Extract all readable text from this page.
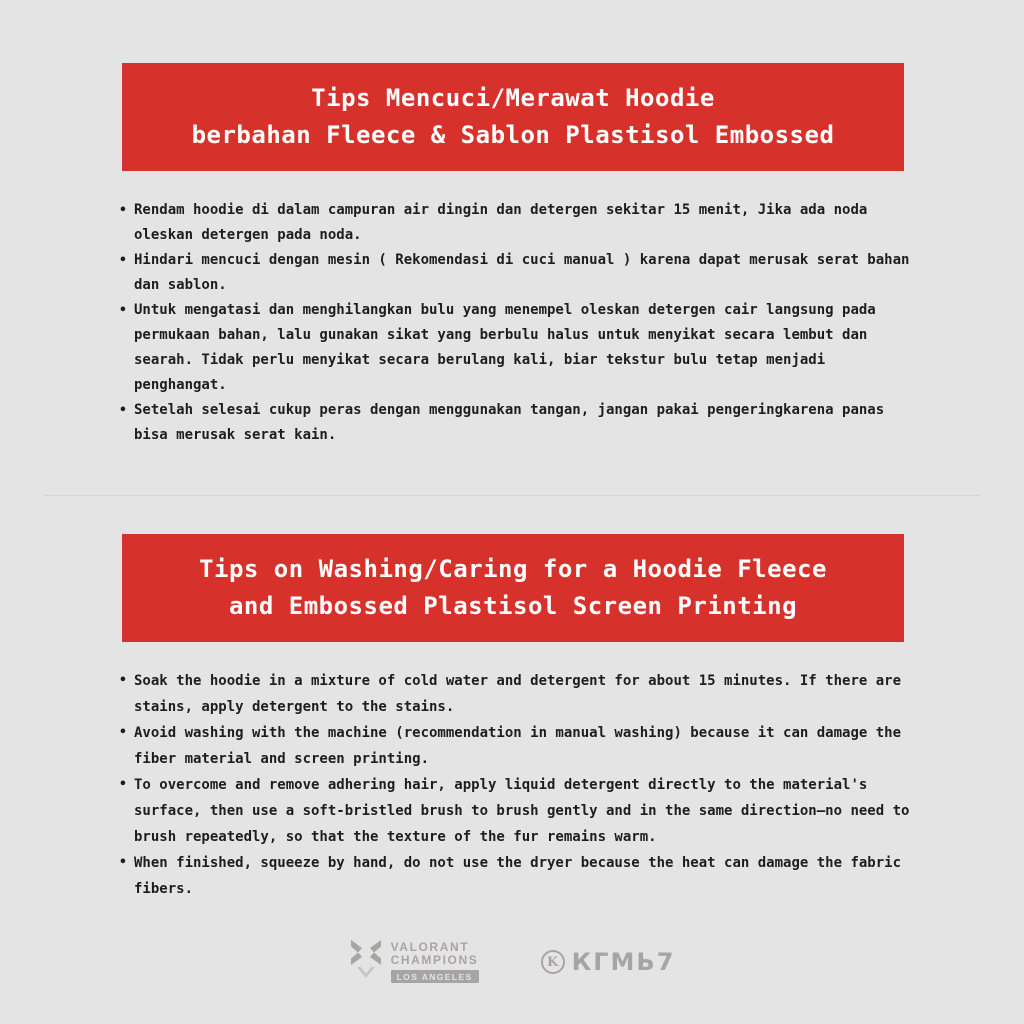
Tips Mencuci/Merawat Hoodie
berbahan Fleece & Sablon Plastisol Embossed
• Rendam hoodie di dalam campuran air dingin dan detergen sekitar 15 menit, Jika ada noda oleskan detergen pada noda.
• Hindari mencuci dengan mesin ( Rekomendasi di cuci manual ) karena dapat merusak serat bahan dan sablon.
• Untuk mengatasi dan menghilangkan bulu yang menempel oleskan detergen cair langsung pada permukaan bahan, lalu gunakan sikat yang berbulu halus untuk menyikat secara lembut dan searah. Tidak perlu menyikat secara berulang kali, biar tekstur bulu tetap menjadi penghangat.
• Setelah selesai cukup peras dengan menggunakan tangan, jangan pakai pengeringkarena panas bisa merusak serat kain.
Tips on Washing/Caring for a Hoodie Fleece
and Embossed Plastisol Screen Printing
• Soak the hoodie in a mixture of cold water and detergent for about 15 minutes. If there are stains, apply detergent to the stains.
• Avoid washing with the machine (recommendation in manual washing) because it can damage the fiber material and screen printing.
• To overcome and remove adhering hair, apply liquid detergent directly to the material's surface, then use a soft-bristled brush to brush gently and in the same direction—no need to brush repeatedly, so that the texture of the fur remains warm.
• When finished, squeeze by hand, do not use the dryer because the heat can damage the fabric fibers.
VALORANT
CHAMPIONS
LOS ANGELES
K КГМЬ7
